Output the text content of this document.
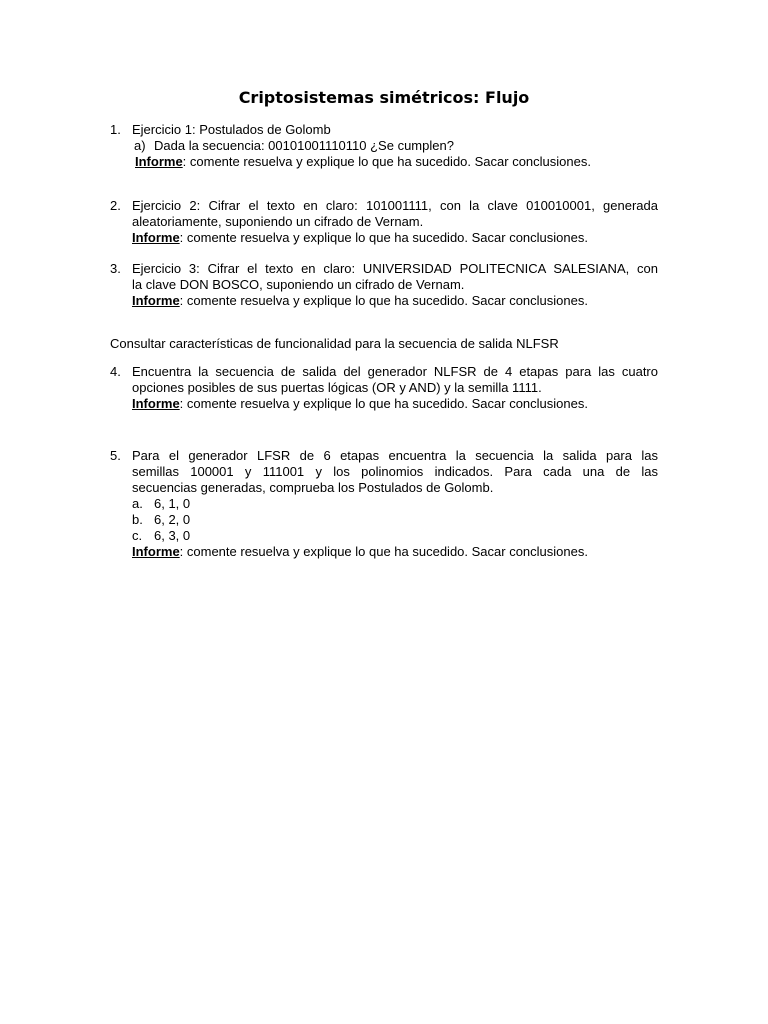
Criptosistemas simétricos: Flujo
1. Ejercicio 1: Postulados de Golomb
a) Dada la secuencia: 00101001110110 ¿Se cumplen?
Informe: comente resuelva y explique lo que ha sucedido. Sacar conclusiones.
2. Ejercicio 2: Cifrar el texto en claro: 101001111, con la clave 010010001, generada
aleatoriamente, suponiendo un cifrado de Vernam.
Informe: comente resuelva y explique lo que ha sucedido. Sacar conclusiones.
3. Ejercicio 3: Cifrar el texto en claro: UNIVERSIDAD POLITECNICA SALESIANA, con
la clave DON BOSCO, suponiendo un cifrado de Vernam.
Informe: comente resuelva y explique lo que ha sucedido. Sacar conclusiones.
Consultar características de funcionalidad para la secuencia de salida NLFSR
4. Encuentra la secuencia de salida del generador NLFSR de 4 etapas para las cuatro
opciones posibles de sus puertas lógicas (OR y AND) y la semilla 1111.
Informe: comente resuelva y explique lo que ha sucedido. Sacar conclusiones.
5. Para el generador LFSR de 6 etapas encuentra la secuencia la salida para las
semillas 100001 y 111001 y los polinomios indicados. Para cada una de las
secuencias generadas, comprueba los Postulados de Golomb.
a. 6, 1, 0
b. 6, 2, 0
c. 6, 3, 0
Informe: comente resuelva y explique lo que ha sucedido. Sacar conclusiones.
